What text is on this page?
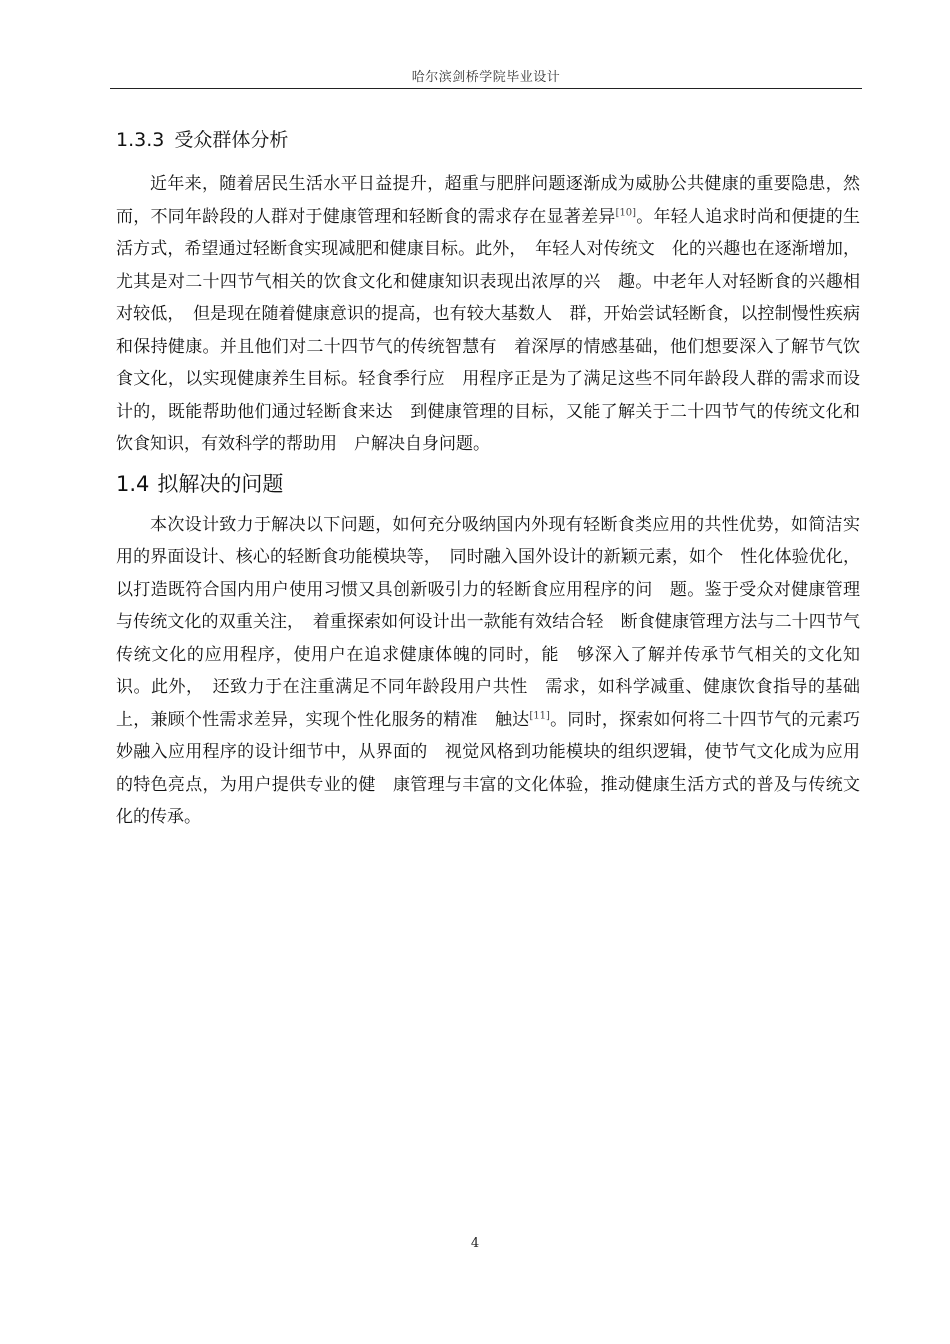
哈尔滨剑桥学院毕业设计
1.3.3 受众群体分析

近年来，随着居民生活水平日益提升，超重与肥胖问题逐渐成为威胁公共健康的重要隐患，然而，不同年龄段的人群对于健康管理和轻断食的需求存在显著差异[10]。年轻人追求时尚和便捷的生活方式，希望通过轻断食实现减肥和健康目标。此外，　年轻人对传统文　化的兴趣也在逐渐增加，尤其是对二十四节气相关的饮食文化和健康知识表现出浓厚的兴　趣。中老年人对轻断食的兴趣相对较低，　但是现在随着健康意识的提高，也有较大基数人　群，开始尝试轻断食，以控制慢性疾病和保持健康。并且他们对二十四节气的传统智慧有　着深厚的情感基础，他们想要深入了解节气饮食文化，以实现健康养生目标。轻食季行应　用程序正是为了满足这些不同年龄段人群的需求而设计的，既能帮助他们通过轻断食来达　到健康管理的目标，又能了解关于二十四节气的传统文化和饮食知识，有效科学的帮助用　户解决自身问题。

1.4 拟解决的问题

本次设计致力于解决以下问题，如何充分吸纳国内外现有轻断食类应用的共性优势，如简洁实用的界面设计、核心的轻断食功能模块等，　同时融入国外设计的新颖元素，如个　性化体验优化，以打造既符合国内用户使用习惯又具创新吸引力的轻断食应用程序的问　题。鉴于受众对健康管理与传统文化的双重关注，　着重探索如何设计出一款能有效结合轻　断食健康管理方法与二十四节气传统文化的应用程序，使用户在追求健康体魄的同时，能　够深入了解并传承节气相关的文化知识。此外，　还致力于在注重满足不同年龄段用户共性　需求，如科学减重、健康饮食指导的基础上，兼顾个性需求差异，实现个性化服务的精准　触达[11]。同时，探索如何将二十四节气的元素巧妙融入应用程序的设计细节中，从界面的　视觉风格到功能模块的组织逻辑，使节气文化成为应用的特色亮点，为用户提供专业的健　康管理与丰富的文化体验，推动健康生活方式的普及与传统文化的传承。

4
